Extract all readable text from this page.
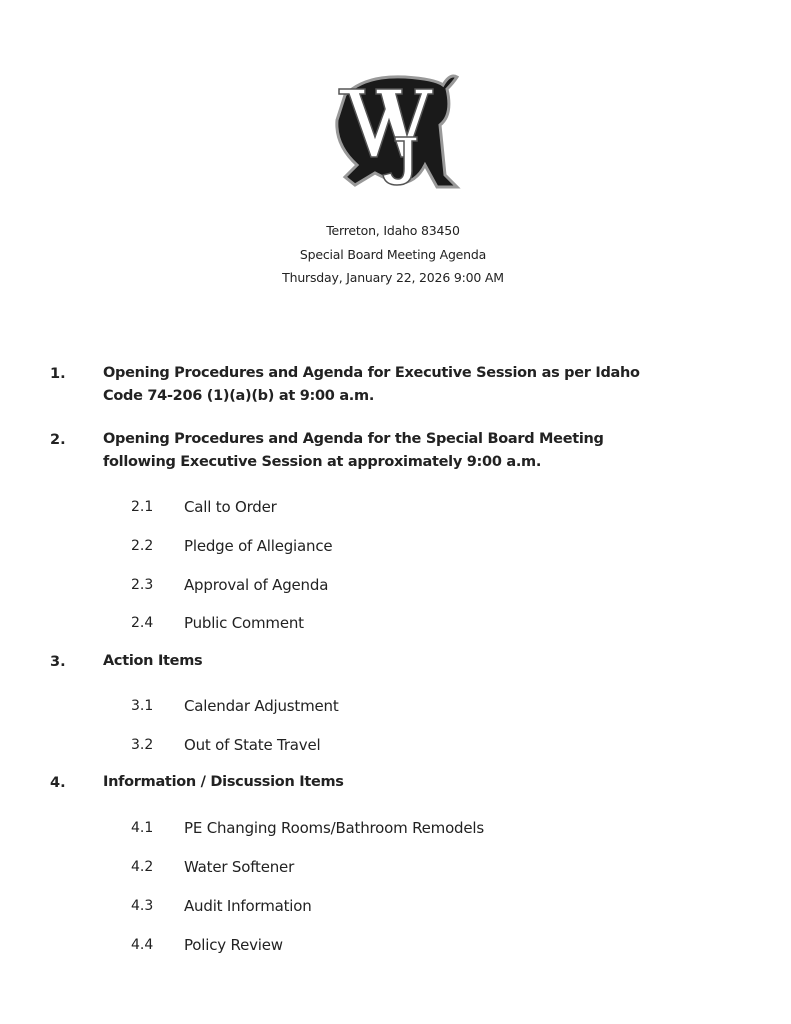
Terreton, Idaho 83450
Special Board Meeting Agenda
Thursday, January 22, 2026 9:00 AM
1.	Opening Procedures and Agenda for Executive Session as per Idaho
Code 74-206 (1)(a)(b) at 9:00 a.m.
2.	Opening Procedures and Agenda for the Special Board Meeting
following Executive Session at approximately 9:00 a.m.
2.1 Call to Order
2.2 Pledge of Allegiance
2.3 Approval of Agenda
2.4 Public Comment
3.	Action Items
3.1 Calendar Adjustment
3.2 Out of State Travel
4.	Information / Discussion Items
4.1 PE Changing Rooms/Bathroom Remodels
4.2 Water Softener
4.3 Audit Information
4.4 Policy Review
